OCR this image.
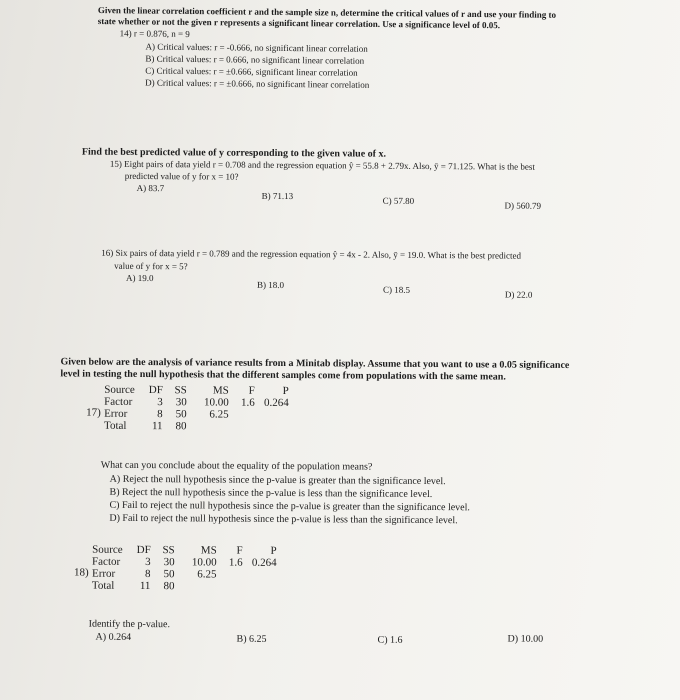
Given the linear correlation coefficient r and the sample size n, determine the critical values of r and use your finding to
state whether or not the given r represents a significant linear correlation. Use a significance level of 0.05.
14) r = 0.876, n = 9
A) Critical values: r = -0.666, no significant linear correlation
B) Critical values: r = 0.666, no significant linear correlation
C) Critical values: r = ±0.666, significant linear correlation
D) Critical values: r = ±0.666, no significant linear correlation
Find the best predicted value of y corresponding to the given value of x.
15) Eight pairs of data yield r = 0.708 and the regression equation ŷ = 55.8 + 2.79x. Also, ȳ = 71.125. What is the best
predicted value of y for x = 10?
A) 83.7
B) 71.13	C) 57.80	D) 560.79
16) Six pairs of data yield r = 0.789 and the regression equation ŷ = 4x - 2. Also, ȳ = 19.0. What is the best predicted
value of y for x = 5?
A) 19.0
B) 18.0	C) 18.5	D) 22.0
Given below are the analysis of variance results from a Minitab display. Assume that you want to use a 0.05 significance
level in testing the null hypothesis that the different samples come from populations with the same mean.
17)
Source	DF	SS	MS	F	P
Factor	3	30	10.00	1.6	0.264
Error	8	50	6.25		
Total	11	80			
What can you conclude about the equality of the population means?
A) Reject the null hypothesis since the p-value is greater than the significance level.
B) Reject the null hypothesis since the p-value is less than the significance level.
C) Fail to reject the null hypothesis since the p-value is greater than the significance level.
D) Fail to reject the null hypothesis since the p-value is less than the significance level.
18)
Source	DF	SS	MS	F	P
Factor	3	30	10.00	1.6	0.264
Error	8	50	6.25		
Total	11	80			
Identify the p-value.
A) 0.264	B) 6.25	C) 1.6	D) 10.00
